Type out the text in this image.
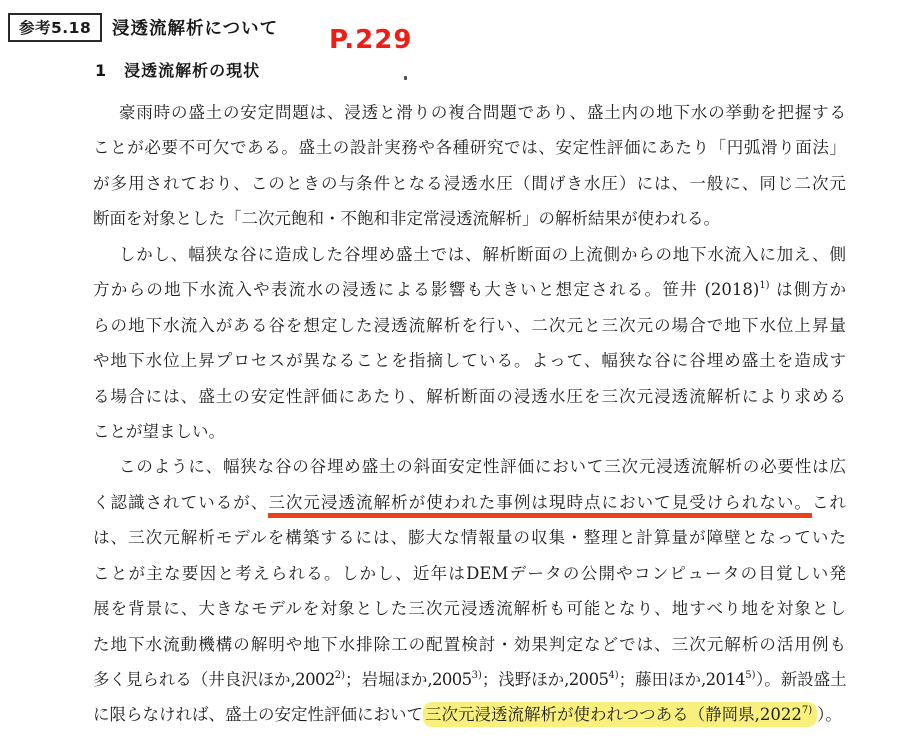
参考5.18	浸透流解析について P.229
1 浸透流解析の現状
豪雨時の盛土の安定問題は、浸透と滑りの複合問題であり、盛土内の地下水の挙動を把握する
ことが必要不可欠である。盛土の設計実務や各種研究では、安定性評価にあたり「円弧滑り面法」
が多用されており、このときの与条件となる浸透水圧（間げき水圧）には、一般に、同じ二次元
断面を対象とした「二次元飽和・不飽和非定常浸透流解析」の解析結果が使われる。
しかし、幅狭な谷に造成した谷埋め盛土では、解析断面の上流側からの地下水流入に加え、側
方からの地下水流入や表流水の浸透による影響も大きいと想定される。笹井 (2018)$^{1)}$ は側方か
らの地下水流入がある谷を想定した浸透流解析を行い、二次元と三次元の場合で地下水位上昇量
や地下水位上昇プロセスが異なることを指摘している。よって、幅狭な谷に谷埋め盛土を造成す
る場合には、盛土の安定性評価にあたり、解析断面の浸透水圧を三次元浸透流解析により求める
ことが望ましい。
このように、幅狭な谷の谷埋め盛土の斜面安定性評価において三次元浸透流解析の必要性は広
く認識されているが、三次元浸透流解析が使われた事例は現時点において見受けられない。これ
は、三次元解析モデルを構築するには、膨大な情報量の収集・整理と計算量が障壁となっていた
ことが主な要因と考えられる。しかし、近年はDEMデータの公開やコンピュータの目覚しい発
展を背景に、大きなモデルを対象とした三次元浸透流解析も可能となり、地すべり地を対象とし
た地下水流動機構の解明や地下水排除工の配置検討・効果判定などでは、三次元解析の活用例も
多く見られる（井良沢ほか,2002$^{2)}$；岩堀ほか,2005$^{3)}$；浅野ほか,2005$^{4)}$；藤田ほか,2014$^{5)}$）。新設盛土
に限らなければ、盛土の安定性評価において 三次元浸透流解析が使われつつある（静岡県,2022$^{7)}$ ）。
